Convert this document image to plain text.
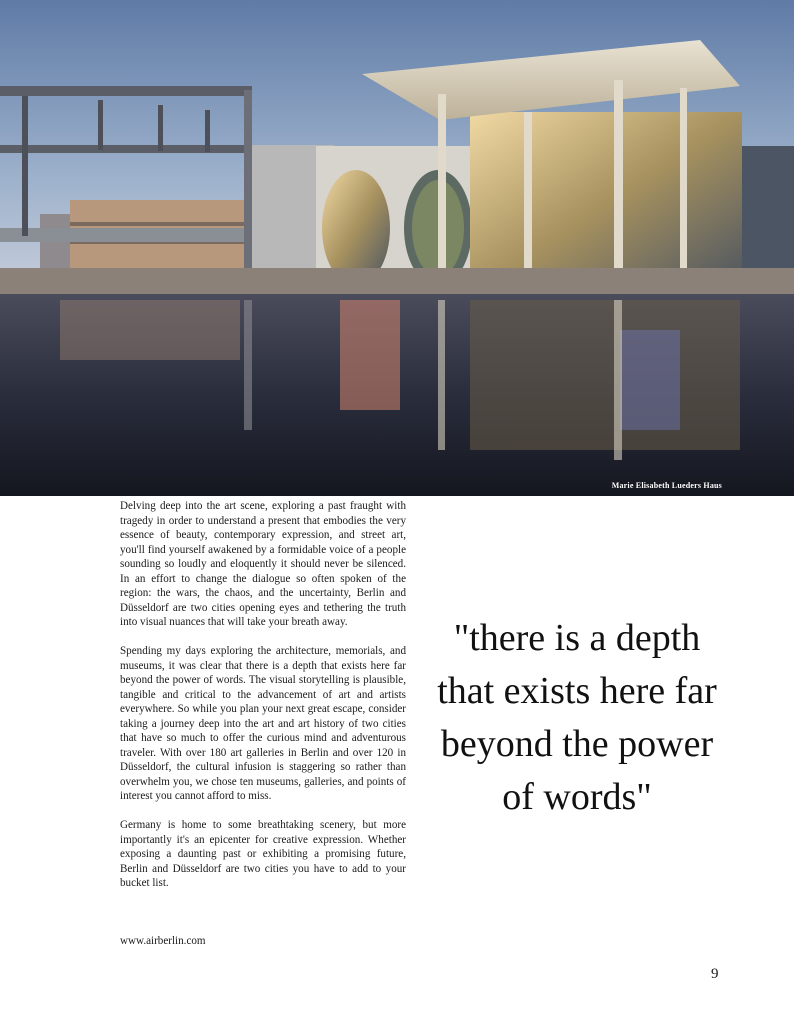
Marie Elisabeth Lueders Haus

Delving deep into the art scene, exploring a past fraught with tragedy in order to understand a present that embodies the very essence of beauty, contemporary expression, and street art, you'll find yourself awakened by a formidable voice of a people sounding so loudly and eloquently it should never be silenced. In an effort to change the dialogue so often spoken of the region: the wars, the chaos, and the uncertainty, Berlin and Düsseldorf are two cities opening eyes and tethering the truth into visual nuances that will take your breath away.

Spending my days exploring the architecture, memorials, and museums, it was clear that there is a depth that exists here far beyond the power of words. The visual storytelling is plausible, tangible and critical to the advancement of art and artists everywhere. So while you plan your next great escape, consider taking a journey deep into the art and art history of two cities that have so much to offer the curious mind and adventurous traveler. With over 180 art galleries in Berlin and over 120 in Düsseldorf, the cultural infusion is staggering so rather than overwhelm you, we chose ten museums, galleries, and points of interest you cannot afford to miss.

Germany is home to some breathtaking scenery, but more importantly it's an epicenter for creative expression. Whether exposing a daunting past or exhibiting a promising future, Berlin and Düsseldorf are two cities you have to add to your bucket list.

www.airberlin.com
"there is a depth that exists here far beyond the power of words"
9
